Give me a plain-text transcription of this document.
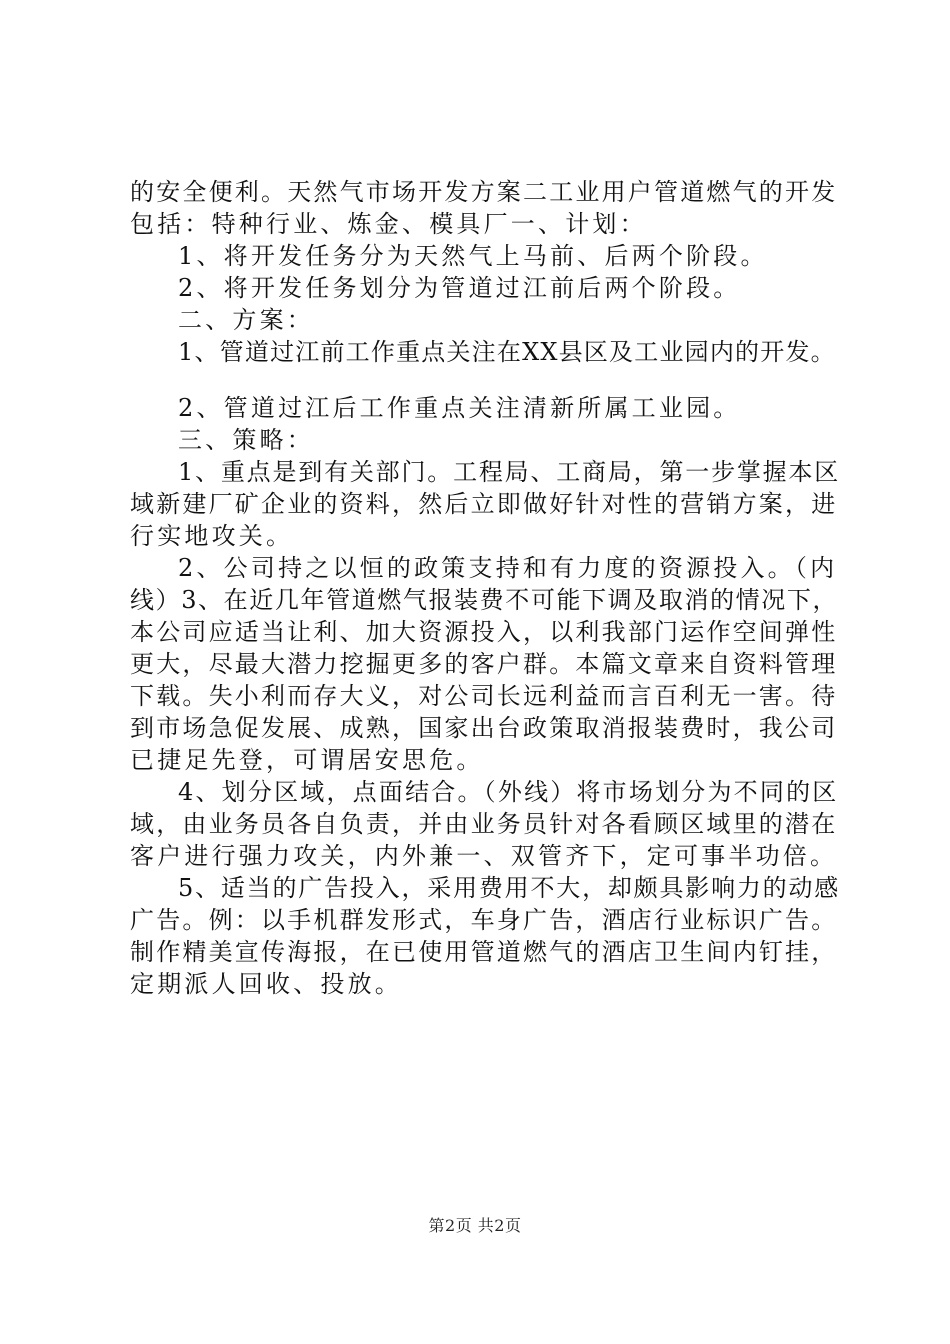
的安全便利。天然气市场开发方案二工业用户管道燃气的开发
包括：特种行业、炼金、模具厂一、计划：
1、将开发任务分为天然气上马前、后两个阶段。
2、将开发任务划分为管道过江前后两个阶段。
二、方案：
1、管道过江前工作重点关注在XX县区及工业园内的开发。
2、管道过江后工作重点关注清新所属工业园。
三、策略：
1、重点是到有关部门。工程局、工商局，第一步掌握本区
域新建厂矿企业的资料，然后立即做好针对性的营销方案，进
行实地攻关。
2、公司持之以恒的政策支持和有力度的资源投入。（内
线）3、在近几年管道燃气报装费不可能下调及取消的情况下，
本公司应适当让利、加大资源投入，以利我部门运作空间弹性
更大，尽最大潜力挖掘更多的客户群。本篇文章来自资料管理
下载。失小利而存大义，对公司长远利益而言百利无一害。待
到市场急促发展、成熟，国家出台政策取消报装费时，我公司
已捷足先登，可谓居安思危。
4、划分区域，点面结合。（外线）将市场划分为不同的区
域，由业务员各自负责，并由业务员针对各看顾区域里的潜在
客户进行强力攻关，内外兼一、双管齐下，定可事半功倍。
5、适当的广告投入，采用费用不大，却颇具影响力的动感
广告。例：以手机群发形式，车身广告，酒店行业标识广告。
制作精美宣传海报，在已使用管道燃气的酒店卫生间内钉挂，
定期派人回收、投放。
第2页 共2页
